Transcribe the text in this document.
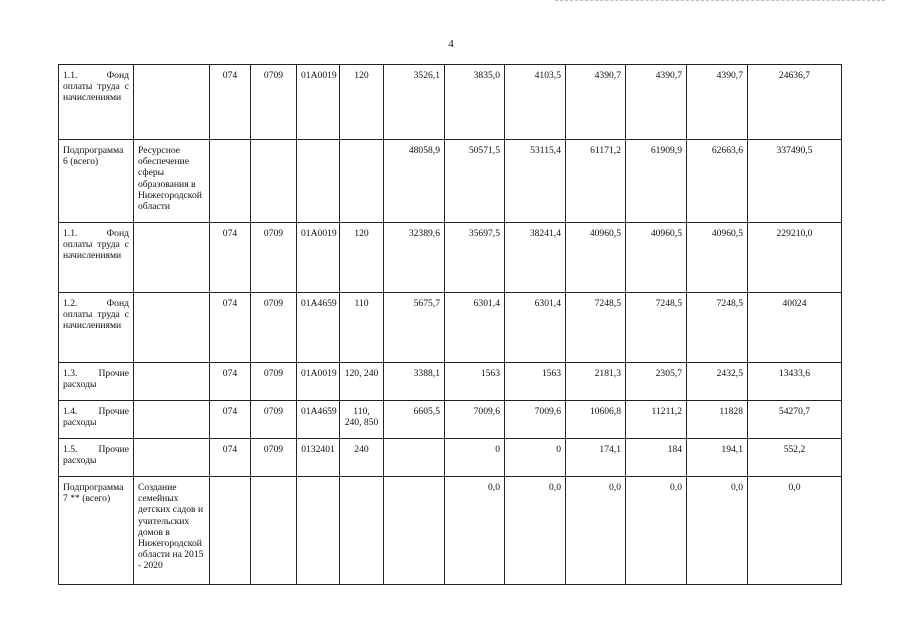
4
1.1. Фонд оплаты труда с начислениями		074	0709	01А0019	120	3526,1	3835,0	4103,5	4390,7	4390,7	4390,7	24636,7
Подпрограмма 6 (всего)	Ресурсное обеспечение сферы образования в Нижегородской области					48058,9	50571,5	53115,4	61171,2	61909,9	62663,6	337490,5
1.1. Фонд оплаты труда с начислениями		074	0709	01А0019	120	32389,6	35697,5	38241,4	40960,5	40960,5	40960,5	229210,0
1.2. Фонд оплаты труда с начислениями		074	0709	01А4659	110	5675,7	6301,4	6301,4	7248,5	7248,5	7248,5	40024
1.3. Прочие расходы		074	0709	01А0019	120, 240	3388,1	1563	1563	2181,3	2305,7	2432,5	13433,6
1.4. Прочие расходы		074	0709	01А4659	110, 240, 850	6605,5	7009,6	7009,6	10606,8	11211,2	11828	54270,7
1.5. Прочие расходы		074	0709	0132401	240		0	0	174,1	184	194,1	552,2
Подпрограмма 7 ** (всего)	Создание семейных детских садов и учительских домов в Нижегородской области на 2015 - 2020						0,0	0,0	0,0	0,0	0,0	0,0
